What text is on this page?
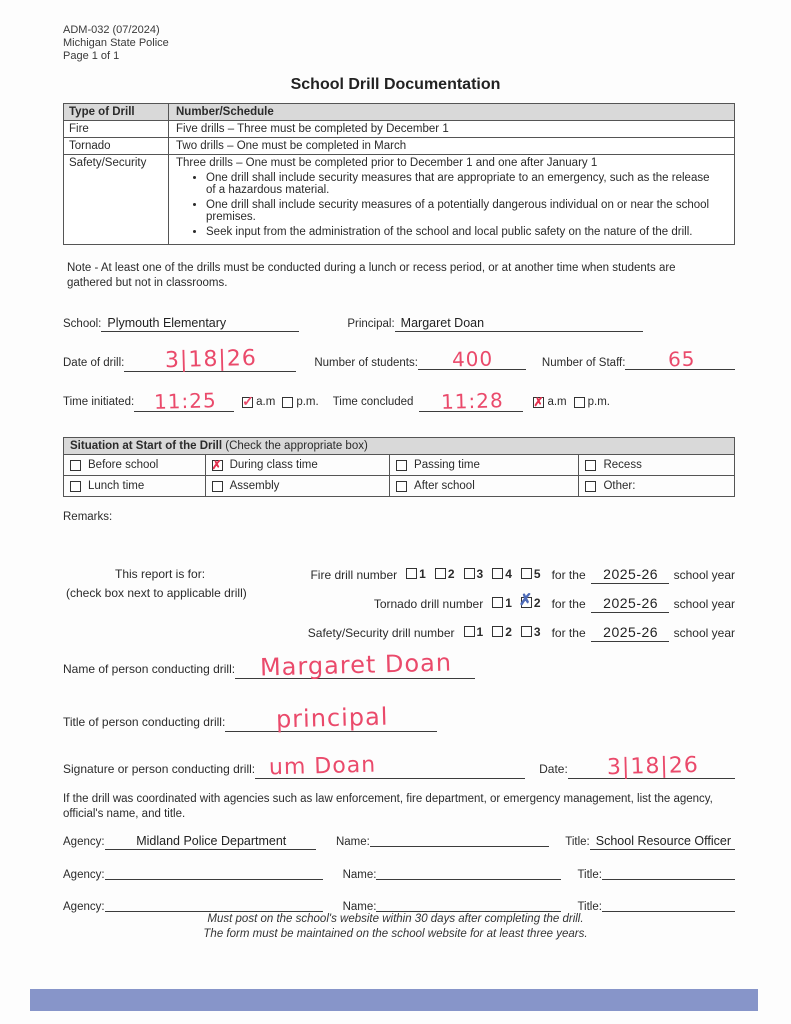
ADM-032 (07/2024)
Michigan State Police
Page 1 of 1
School Drill Documentation
Type of Drill	Number/Schedule
Fire	Five drills – Three must be completed by December 1
Tornado	Two drills – One must be completed in March
Safety/Security	Three drills – One must be completed prior to December 1 and one after January 1
• One drill shall include security measures that are appropriate to an emergency, such as the release of a hazardous material.
• One drill shall include security measures of a potentially dangerous individual on or near the school premises.
• Seek input from the administration of the school and local public safety on the nature of the drill.
Note - At least one of the drills must be conducted during a lunch or recess period, or at another time when students are gathered but not in classrooms.
School: Plymouth Elementary	Principal: Margaret Doan
Date of drill: 3|18|26	Number of students: 400	Number of Staff: 65
Time initiated: 11:25 ✓	a.m p.m. Time concluded 11:28 ✗	a.m p.m.
Situation at Start of the Drill (Check the appropriate box)
Before school ✗	During class time	Passing time	Recess
Lunch time	Assembly	After school	Other:
Remarks:
This report is for:
(check box next to applicable drill)
Fire drill number 1 2 3 4 5 for the 2025-26 school year
Tornado drill number 1 ✗ 2 for the 2025-26 school year
Safety/Security drill number 1 2 3 for the 2025-26 school year
Name of person conducting drill: Margaret Doan
Title of person conducting drill: principal
Signature or person conducting drill: um Doan	Date: 3|18|26
If the drill was coordinated with agencies such as law enforcement, fire department, or emergency management, list the agency, official's name, and title.
Agency:	Midland Police Department	Name:	Title: School Resource Officer
Agency:	Name:	Title:
Agency:	Name:	Title:
Must post on the school's website within 30 days after completing the drill.
The form must be maintained on the school website for at least three years.
